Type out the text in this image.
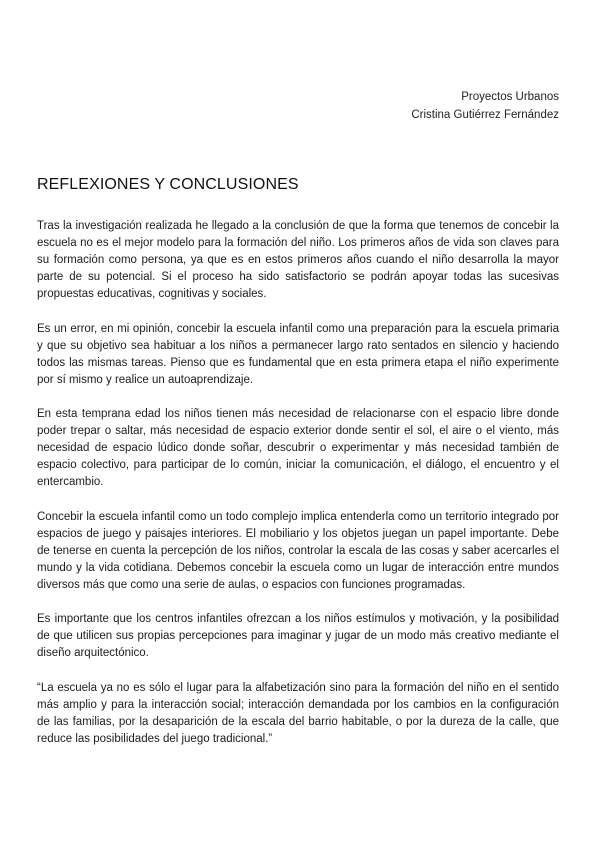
Proyectos Urbanos
Cristina Gutiérrez Fernández
REFLEXIONES Y CONCLUSIONES

Tras la investigación realizada he llegado a la conclusión de que la forma que tenemos de concebir la escuela no es el mejor modelo para la formación del niño. Los primeros años de vida son claves para su formación como persona, ya que es en estos primeros años cuando el niño desarrolla la mayor parte de su potencial. Si el proceso ha sido satisfactorio se podrán apoyar todas las sucesivas propuestas educativas, cognitivas y sociales.

Es un error, en mi opinión, concebir la escuela infantil como una preparación para la escuela primaria y que su objetivo sea habituar a los niños a permanecer largo rato sentados en silencio y haciendo todos las mismas tareas. Pienso que es fundamental que en esta primera etapa el niño experimente por sí mismo y realice un autoaprendizaje.

En esta temprana edad los niños tienen más necesidad de relacionarse con el espacio libre donde poder trepar o saltar, más necesidad de espacio exterior donde sentir el sol, el aire o el viento, más necesidad de espacio lúdico donde soñar, descubrir o experimentar y más necesidad también de espacio colectivo, para participar de lo común, iniciar la comunicación, el diálogo, el encuentro y el entercambio.

Concebir la escuela infantil como un todo complejo implica entenderla como un territorio integrado por espacios de juego y paisajes interiores. El mobiliario y los objetos juegan un papel importante. Debe de tenerse en cuenta la percepción de los niños, controlar la escala de las cosas y saber acercarles el mundo y la vida cotidiana. Debemos concebir la escuela como un lugar de interacción entre mundos diversos más que como una serie de aulas, o espacios con funciones programadas.

Es importante que los centros infantiles ofrezcan a los niños estímulos y motivación, y la posibilidad de que utilicen sus propias percepciones para imaginar y jugar de un modo más creativo mediante el diseño arquitectónico.

“La escuela ya no es sólo el lugar para la alfabetización sino para la formación del niño en el sentido más amplio y para la interacción social; interacción demandada por los cambios en la configuración de las familias, por la desaparición de la escala del barrio habitable, o por la dureza de la calle, que reduce las posibilidades del juego tradicional.”
